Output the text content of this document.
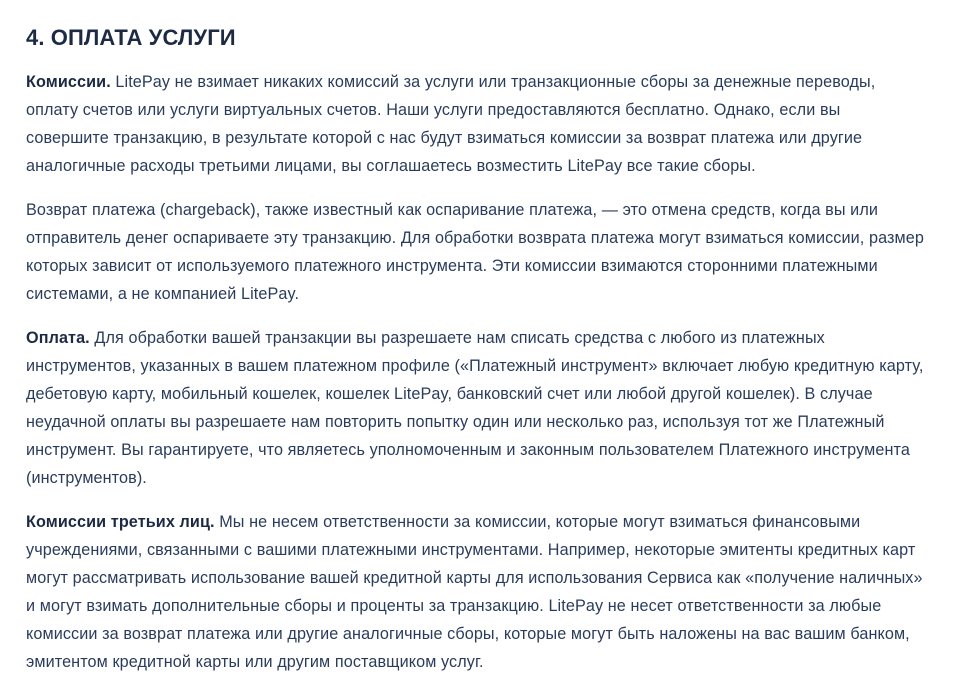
4. ОПЛАТА УСЛУГИ

Комиссии. LitePay не взимает никаких комиссий за услуги или транзакционные сборы за денежные переводы, оплату счетов или услуги виртуальных счетов. Наши услуги предоставляются бесплатно. Однако, если вы совершите транзакцию, в результате которой с нас будут взиматься комиссии за возврат платежа или другие аналогичные расходы третьими лицами, вы соглашаетесь возместить LitePay все такие сборы.

Возврат платежа (chargeback), также известный как оспаривание платежа, — это отмена средств, когда вы или отправитель денег оспариваете эту транзакцию. Для обработки возврата платежа могут взиматься комиссии, размер которых зависит от используемого платежного инструмента. Эти комиссии взимаются сторонними платежными системами, а не компанией LitePay.

Оплата. Для обработки вашей транзакции вы разрешаете нам списать средства с любого из платежных инструментов, указанных в вашем платежном профиле («Платежный инструмент» включает любую кредитную карту, дебетовую карту, мобильный кошелек, кошелек LitePay, банковский счет или любой другой кошелек). В случае неудачной оплаты вы разрешаете нам повторить попытку один или несколько раз, используя тот же Платежный инструмент. Вы гарантируете, что являетесь уполномоченным и законным пользователем Платежного инструмента (инструментов).

Комиссии третьих лиц. Мы не несем ответственности за комиссии, которые могут взиматься финансовыми учреждениями, связанными с вашими платежными инструментами. Например, некоторые эмитенты кредитных карт могут рассматривать использование вашей кредитной карты для использования Сервиса как «получение наличных» и могут взимать дополнительные сборы и проценты за транзакцию. LitePay не несет ответственности за любые комиссии за возврат платежа или другие аналогичные сборы, которые могут быть наложены на вас вашим банком, эмитентом кредитной карты или другим поставщиком услуг.
